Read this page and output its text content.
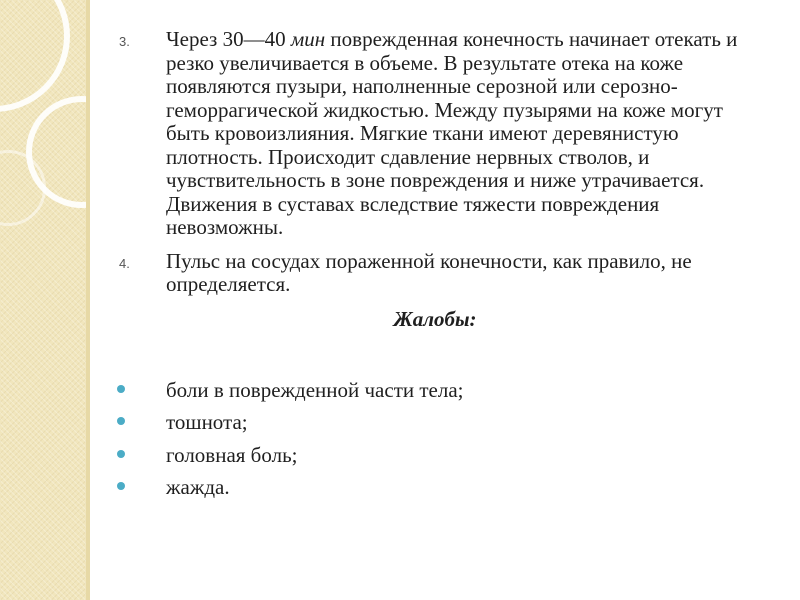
3. Через 30—40 мин поврежденная конечность начинает отекать и резко увеличивается в объеме. В результате отека на коже появляются пузыри, наполненные серозной или серозно-геморрагической жидкостью. Между пузырями на коже могут быть кровоизлияния. Мягкие ткани имеют деревянистую плотность. Происходит сдавление нервных стволов, и чувствительность в зоне повреждения и ниже утрачивается. Движения в суставах вследствие тяжести повреждения невозможны.
4. Пульс на сосудах пораженной конечности, как правило, не определяется.
Жалобы:
боли в поврежденной части тела;
тошнота;
головная боль;
жажда.
